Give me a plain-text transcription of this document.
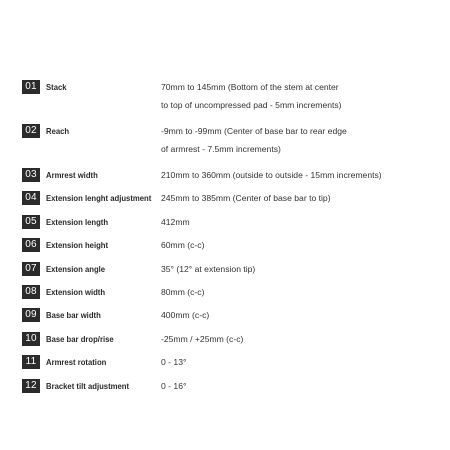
01	Stack	70mm to 145mm (Bottom of the stem at center
to top of uncompressed pad - 5mm increments)
02	Reach	-9mm to -99mm (Center of base bar to rear edge
of armrest - 7.5mm increments)
03	Armrest width	210mm to 360mm (outside to outside - 15mm increments)
04	Extension lenght adjustment 245mm to 385mm (Center of base bar to tip)
05	Extension length	412mm
06	Extension height	60mm (c-c)
07	Extension angle	35° (12° at extension tip)
08	Extension width	80mm (c-c)
09	Base bar width	400mm (c-c)
10	Base bar drop/rise	-25mm / +25mm (c-c)
11	Armrest rotation	0 - 13°
12	Bracket tilt adjustment	0 - 16°
